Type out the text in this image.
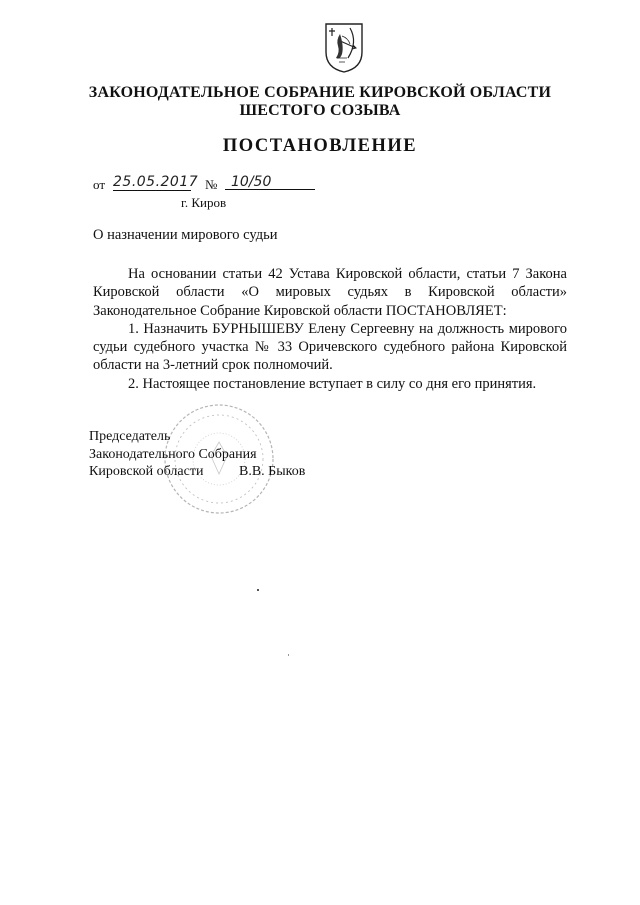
ЗАКОНОДАТЕЛЬНОЕ СОБРАНИЕ КИРОВСКОЙ ОБЛАСТИ
ШЕСТОГО СОЗЫВА
ПОСТАНОВЛЕНИЕ
от 25.05.2017 № 10/50
г. Киров
О назначении мирового судьи

На основании статьи 42 Устава Кировской области, статьи 7 Закона Кировской области «О мировых судьях в Кировской области» Законодательное Собрание Кировской области ПОСТАНОВЛЯЕТ:

1. Назначить БУРНЫШЕВУ Елену Сергеевну на должность мирового судьи судебного участка № 33 Оричевского судебного района Кировской области на 3-летний срок полномочий.

2. Настоящее постановление вступает в силу со дня его принятия.

Председатель
Законодательного Собрания
Кировской области	В.В. Быков
